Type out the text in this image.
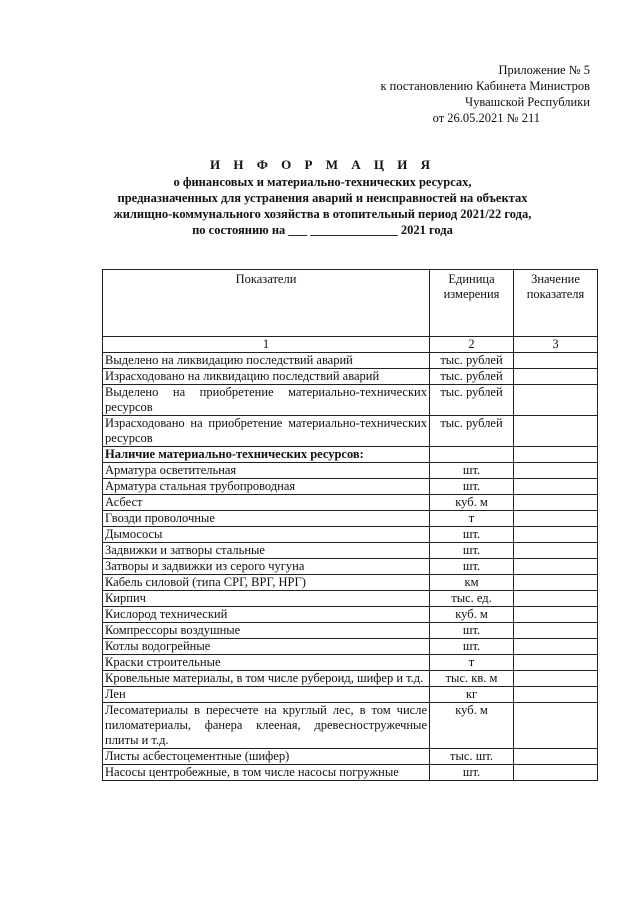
Приложение № 5
к постановлению Кабинета Министров
Чувашской Республики
от 26.05.2021 № 211
И Н Ф О Р М А Ц И Я
о финансовых и материально-технических ресурсах,
предназначенных для устранения аварий и неисправностей на объектах
жилищно-коммунального хозяйства в отопительный период 2021/22 года,
по состоянию на ___ ______________ 2021 года
Показатели	Единица измерения	Значение показателя
1	2	3
Выделено на ликвидацию последствий аварий	тыс. рублей	
Израсходовано на ликвидацию последствий аварий	тыс. рублей	
Выделено на приобретение материально-технических ресурсов	тыс. рублей	
Израсходовано на приобретение материально-технических ресурсов	тыс. рублей	
Наличие материально-технических ресурсов:		
Арматура осветительная	шт.	
Арматура стальная трубопроводная	шт.	
Асбест	куб. м	
Гвозди проволочные	т	
Дымососы	шт.	
Задвижки и затворы стальные	шт.	
Затворы и задвижки из серого чугуна	шт.	
Кабель силовой (типа СРГ, ВРГ, НРГ)	км	
Кирпич	тыс. ед.	
Кислород технический	куб. м	
Компрессоры воздушные	шт.	
Котлы водогрейные	шт.	
Краски строительные	т	
Кровельные материалы, в том числе рубероид, шифер и т.д.	тыс. кв. м	
Лен	кг	
Лесоматериалы в пересчете на круглый лес, в том числе пиломатериалы, фанера клееная, древесностружечные плиты и т.д.	куб. м	
Листы асбестоцементные (шифер)	тыс. шт.	
Насосы центробежные, в том числе насосы погружные	шт.	
